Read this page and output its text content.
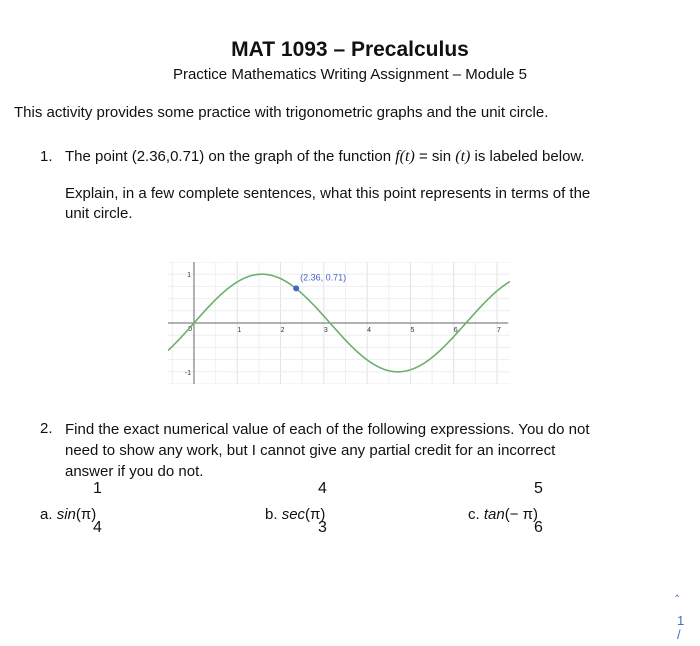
MAT 1093 – Precalculus
Practice Mathematics Writing Assignment – Module 5
This activity provides some practice with trigonometric graphs and the unit circle.
1. The point (2.36,0.71) on the graph of the function f(t) = sin (t) is labeled below.
Explain, in a few complete sentences, what this point represents in terms of the
unit circle.
1	2	3	4	5	6	7
1
-1
0
(2.36, 0.71)
2. Find the exact numerical value of each of the following expressions. You do not
need to show any work, but I cannot give any partial credit for an incorrect
answer if you do not.
1
a. sin(π)
4
4
b. sec(π)
3
5
c. tan(− π)
6
‸
1
/
